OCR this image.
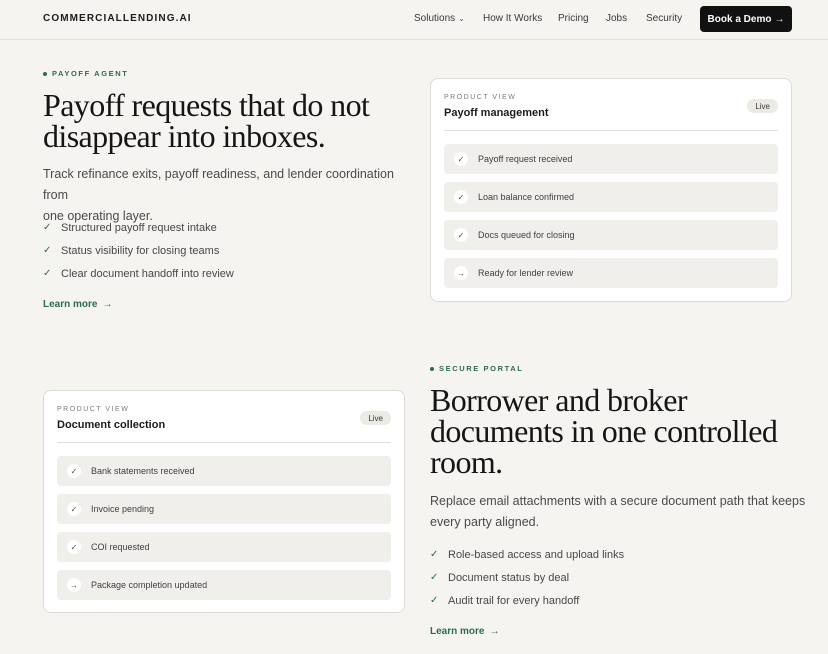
COMMERCIALLENDING.AI	Solutions ⌄ How It Works Pricing Jobs Security	Book a Demo →
PAYOFF AGENT
Payoff requests that do not
disappear into inboxes.

Track refinance exits, payoff readiness, and lender coordination from
one operating layer.

✓ Structured payoff request intake
✓ Status visibility for closing teams
✓ Clear document handoff into review
Learn more →
PRODUCT VIEW
Payoff management
Live
✓	Payoff request received
✓	Loan balance confirmed
✓	Docs queued for closing
→	Ready for lender review
PRODUCT VIEW
Document collection
Live
✓	Bank statements received
✓	Invoice pending
✓	COI requested
→	Package completion updated
SECURE PORTAL
Borrower and broker
documents in one controlled
room.

Replace email attachments with a secure document path that keeps
every party aligned.

✓ Role-based access and upload links
✓ Document status by deal
✓ Audit trail for every handoff
Learn more →
